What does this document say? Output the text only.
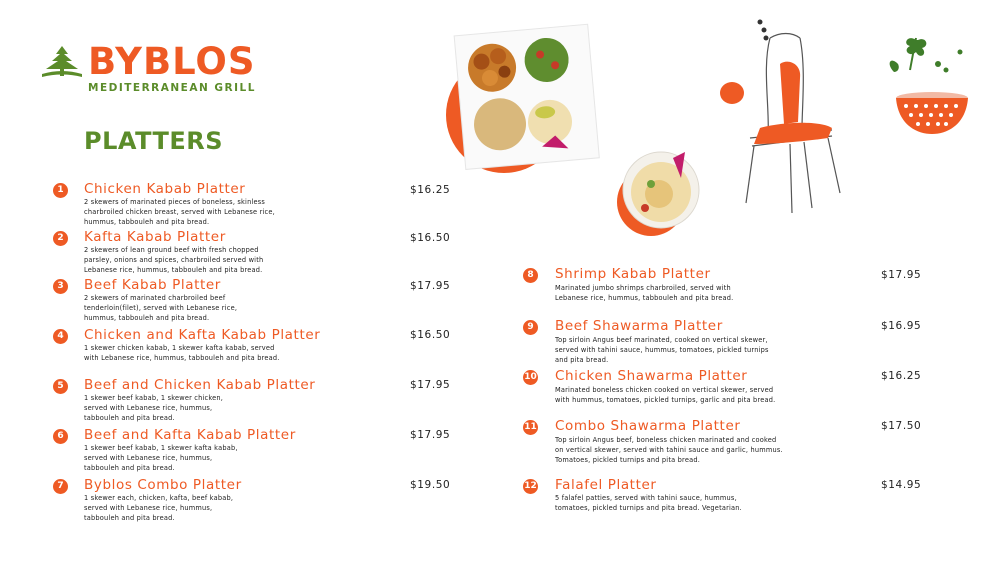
BYBLOS
MEDITERRANEAN GRILL
PLATTERS
1	Chicken Kabab Platter	$16.25
2 skewers of marinated pieces of boneless, skinless charbroiled chicken breast, served with Lebanese rice, hummus, tabbouleh and pita bread.
2	Kafta Kabab Platter	$16.50
2 skewers of lean ground beef with fresh chopped parsley, onions and spices, charbroiled served with Lebanese rice, hummus, tabbouleh and pita bread.
3	Beef Kabab Platter	$17.95
2 skewers of marinated charbroiled beef tenderloin(filet), served with Lebanese rice, hummus, tabbouleh and pita bread.
4	Chicken and Kafta Kabab Platter	$16.50
1 skewer chicken kabab, 1 skewer kafta kabab, served with Lebanese rice, hummus, tabbouleh and pita bread.
5	Beef and Chicken Kabab Platter	$17.95
1 skewer beef kabab, 1 skewer chicken, served with Lebanese rice, hummus, tabbouleh and pita bread.
6	Beef and Kafta Kabab Platter	$17.95
1 skewer beef kabab, 1 skewer kafta kabab, served with Lebanese rice, hummus, tabbouleh and pita bread.
7	Byblos Combo Platter	$19.50
1 skewer each, chicken, kafta, beef kabab, served with Lebanese rice, hummus, tabbouleh and pita bread.
8	Shrimp Kabab Platter	$17.95
Marinated jumbo shrimps charbroiled, served with Lebanese rice, hummus, tabbouleh and pita bread.
9	Beef Shawarma Platter	$16.95
Top sirloin Angus beef marinated, cooked on vertical skewer, served with tahini sauce, hummus, tomatoes, pickled turnips and pita bread.
10 Chicken Shawarma Platter	$16.25
Marinated boneless chicken cooked on vertical skewer, served with hummus, tomatoes, pickled turnips, garlic and pita bread.
11 Combo Shawarma Platter	$17.50
Top sirloin Angus beef, boneless chicken marinated and cooked on vertical skewer, served with tahini sauce and garlic, hummus. Tomatoes, pickled turnips and pita bread.
12 Falafel Platter	$14.95
5 falafel patties, served with tahini sauce, hummus, tomatoes, pickled turnips and pita bread. Vegetarian.
